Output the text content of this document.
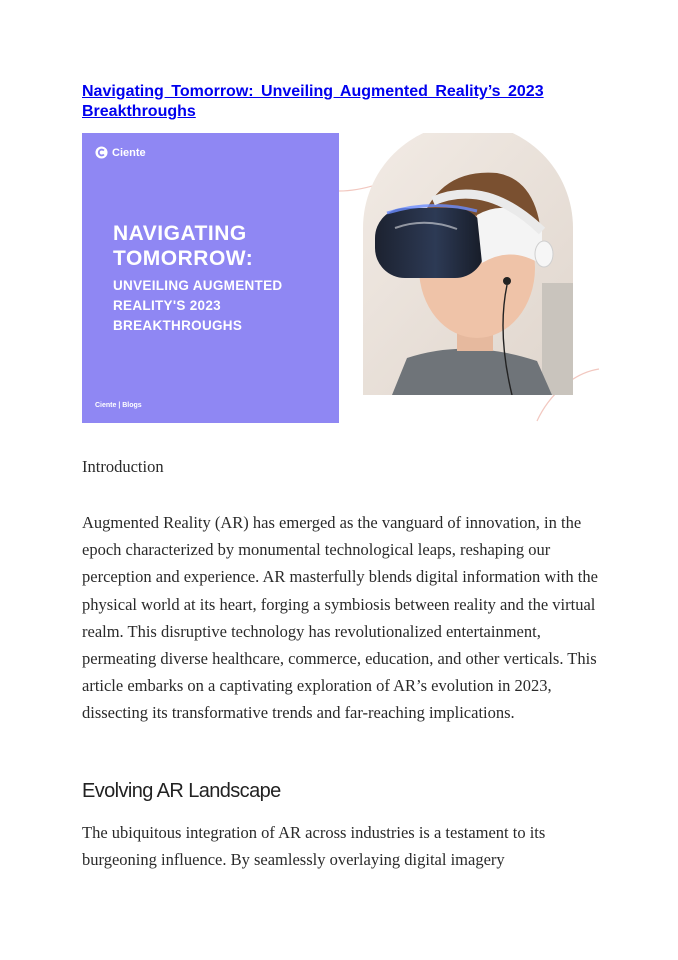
Navigating Tomorrow: Unveiling Augmented Reality’s 2023 Breakthroughs
Ciente
NAVIGATING TOMORROW:
UNVEILING AUGMENTED REALITY'S 2023 BREAKTHROUGHS
Ciente | Blogs
Introduction
Augmented Reality (AR) has emerged as the vanguard of innovation, in the epoch characterized by monumental technological leaps, reshaping our perception and experience. AR masterfully blends digital information with the physical world at its heart, forging a symbiosis between reality and the virtual realm. This disruptive technology has revolutionalized entertainment, permeating diverse healthcare, commerce, education, and other verticals. This article embarks on a captivating exploration of AR’s evolution in 2023, dissecting its transformative trends and far-reaching implications.
Evolving AR Landscape
The ubiquitous integration of AR across industries is a testament to its burgeoning influence. By seamlessly overlaying digital imagery
